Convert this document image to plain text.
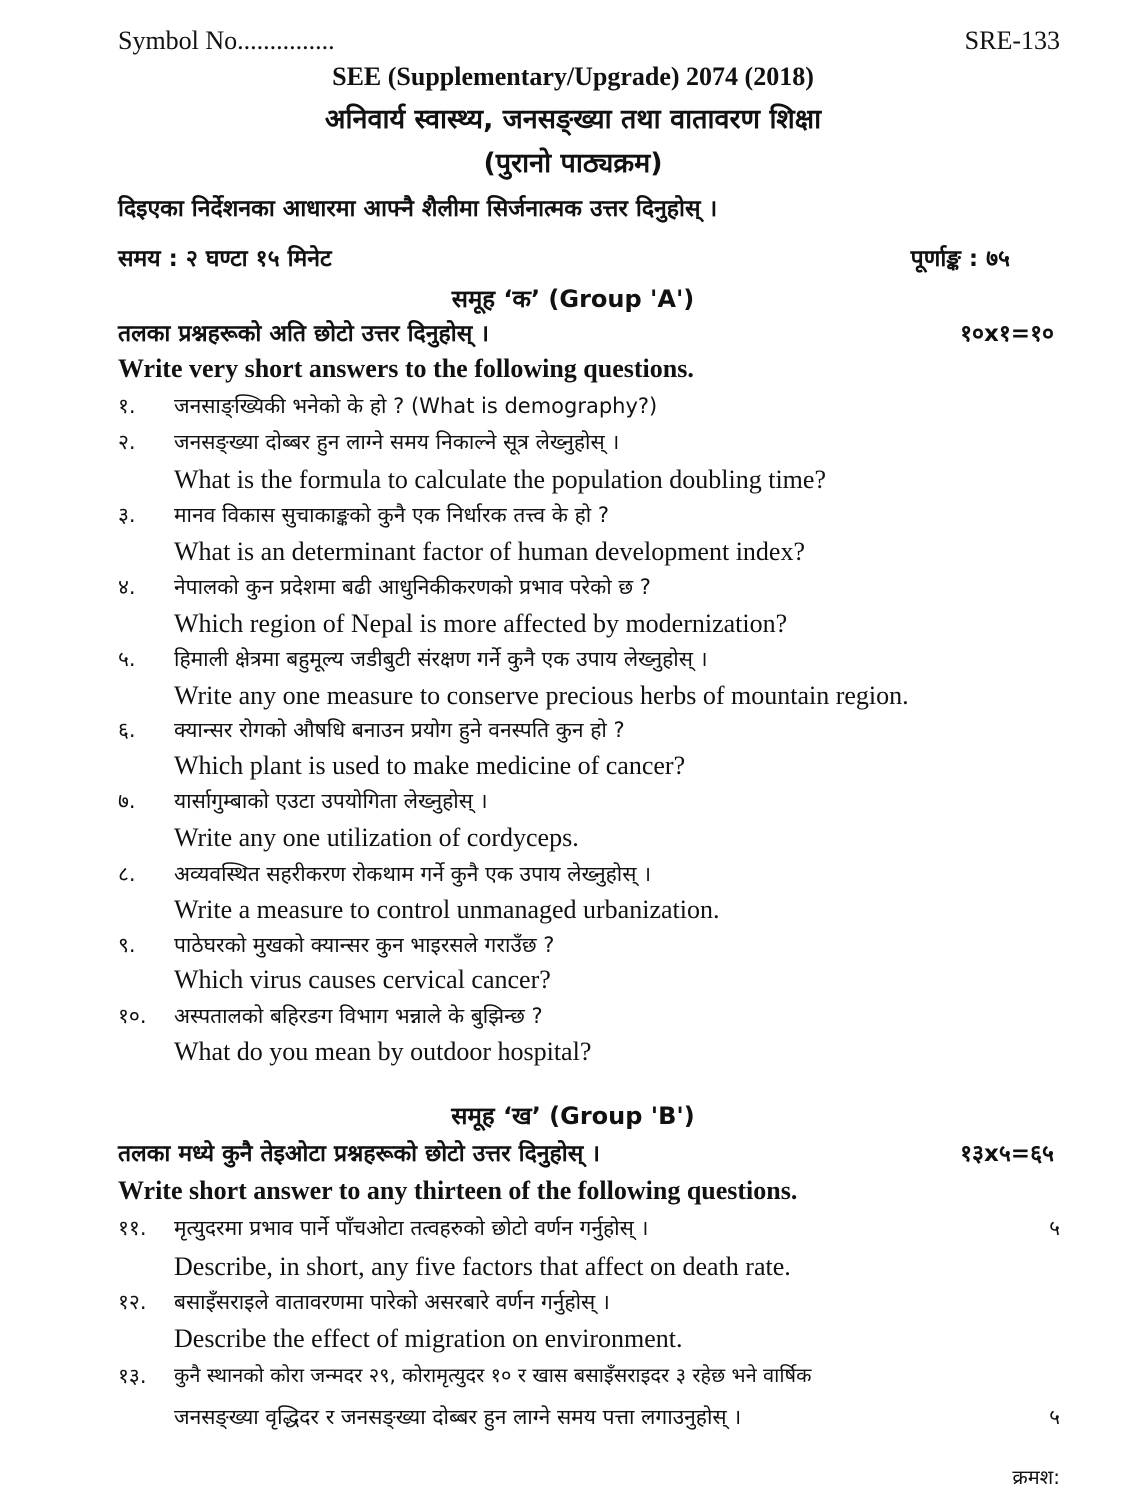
Symbol No...............	SRE-133
SEE (Supplementary/Upgrade) 2074 (2018)
अनिवार्य स्वास्थ्य, जनसङ्ख्या तथा वातावरण शिक्षा
(पुरानो पाठ्यक्रम)
दिइएका निर्देशनका आधारमा आफ्नै शैलीमा सिर्जनात्मक उत्तर दिनुहोस् ।
समय : २ घण्टा १५ मिनेट	पूर्णाङ्क : ७५
समूह ‘क’ (Group 'A')
तलका प्रश्नहरूको अति छोटो उत्तर दिनुहोस् ।	१०x१=१०
Write very short answers to the following questions.
१.	जनसाङ्ख्यिकी भनेको के हो ? (What is demography?)
२.	जनसङ्ख्या दोब्बर हुन लाग्ने समय निकाल्ने सूत्र लेख्नुहोस् ।
What is the formula to calculate the population doubling time?
३.	मानव विकास सुचाकाङ्कको कुनै एक निर्धारक तत्त्व के हो ?
What is an determinant factor of human development index?
४.	नेपालको कुन प्रदेशमा बढी आधुनिकीकरणको प्रभाव परेको छ ?
Which region of Nepal is more affected by modernization?
५.	हिमाली क्षेत्रमा बहुमूल्य जडीबुटी संरक्षण गर्ने कुनै एक उपाय लेख्नुहोस् ।
Write any one measure to conserve precious herbs of mountain region.
६.	क्यान्सर रोगको औषधि बनाउन प्रयोग हुने वनस्पति कुन हो ?
Which plant is used to make medicine of cancer?
७.	यार्सागुम्बाको एउटा उपयोगिता लेख्नुहोस् ।
Write any one utilization of cordyceps.
८.	अव्यवस्थित सहरीकरण रोकथाम गर्ने कुनै एक उपाय लेख्नुहोस् ।
Write a measure to control unmanaged urbanization.
९.	पाठेघरको मुखको क्यान्सर कुन भाइरसले गराउँछ ?
Which virus causes cervical cancer?
१०.	अस्पतालको बहिरङग विभाग भन्नाले के बुझिन्छ ?
What do you mean by outdoor hospital?
समूह ‘ख’ (Group 'B')
तलका मध्ये कुनै तेइओटा प्रश्नहरूको छोटो उत्तर दिनुहोस् ।	१३x५=६५
Write short answer to any thirteen of the following questions.
११.	मृत्युदरमा प्रभाव पार्ने पाँचओटा तत्वहरुको छोटो वर्णन गर्नुहोस् ।	५
Describe, in short, any five factors that affect on death rate.
१२.	बसाइँसराइले वातावरणमा पारेको असरबारे वर्णन गर्नुहोस् ।
Describe the effect of migration on environment.
१३.	कुनै स्थानको कोरा जन्मदर २९, कोरामृत्युदर १० र खास बसाइँसराइदर ३ रहेछ भने वार्षिक
जनसङ्ख्या वृद्धिदर र जनसङ्ख्या दोब्बर हुन लाग्ने समय पत्ता लगाउनुहोस् ।	५
क्रमश:
